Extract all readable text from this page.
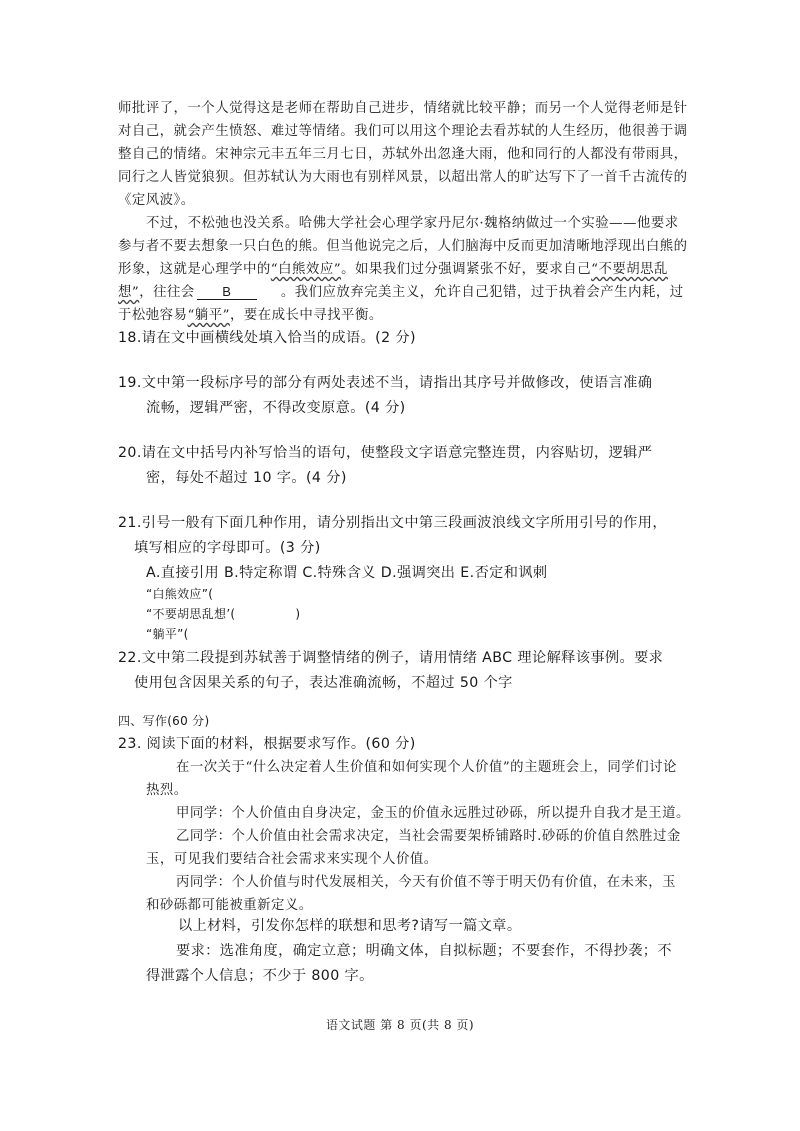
师批评了，一个人觉得这是老师在帮助自己进步，情绪就比较平静；而另一个人觉得老师是针
对自己，就会产生愤怒、难过等情绪。我们可以用这个理论去看苏轼的人生经历，他很善于调
整自己的情绪。宋神宗元丰五年三月七日，苏轼外出忽逢大雨，他和同行的人都没有带雨具，
同行之人皆觉狼狈。但苏轼认为大雨也有别样风景，以超出常人的旷达写下了一首千古流传的
《定风波》。
不过，不松弛也没关系。哈佛大学社会心理学家丹尼尔·魏格纳做过一个实验——他要求
参与者不要去想象一只白色的熊。但当他说完之后，人们脑海中反而更加清晰地浮现出白熊的
形象，这就是心理学中的“白熊效应”。如果我们过分强调紧张不好，要求自己“不要胡思乱
想”，往往会 B	。我们应放弃完美主义，允许自己犯错，过于执着会产生内耗，过
于松弛容易“躺平”，要在成长中寻找平衡。
18.请在文中画横线处填入恰当的成语。(2 分)
19.文中第一段标序号的部分有两处表述不当，请指出其序号并做修改，使语言准确
流畅，逻辑严密，不得改变原意。(4 分)
20.请在文中括号内补写恰当的语句，使整段文字语意完整连贯，内容贴切，逻辑严
密，每处不超过 10 字。(4 分)
21.引号一般有下面几种作用，请分别指出文中第三段画波浪线文字所用引号的作用，
填写相应的字母即可。(3 分)
A.直接引用 B.特定称谓 C.特殊含义 D.强调突出 E.否定和讽刺
“白熊效应”(
“不要胡思乱想’(	)
“躺平”(
22.文中第二段提到苏轼善于调整情绪的例子，请用情绪 ABC 理论解释该事例。要求
使用包含因果关系的句子，表达准确流畅，不超过 50 个字
四、写作(60 分)
23. 阅读下面的材料，根据要求写作。(60 分)
在一次关于“什么决定着人生价值和如何实现个人价值”的主题班会上，同学们讨论
热烈。
甲同学：个人价值由自身决定，金玉的价值永远胜过砂砾，所以提升自我才是王道。
乙同学：个人价值由社会需求决定，当社会需要架桥铺路时.砂砾的价值自然胜过金
玉，可见我们要结合社会需求来实现个人价值。
丙同学：个人价值与时代发展相关，今天有价值不等于明天仍有价值，在未来，玉
和砂砾都可能被重新定义。
以上材料，引发你怎样的联想和思考?请写一篇文章。
要求：选准角度，确定立意；明确文体，自拟标题；不要套作，不得抄袭；不
得泄露个人信息；不少于 800 字。
语文试题 第 8 页(共 8 页)
